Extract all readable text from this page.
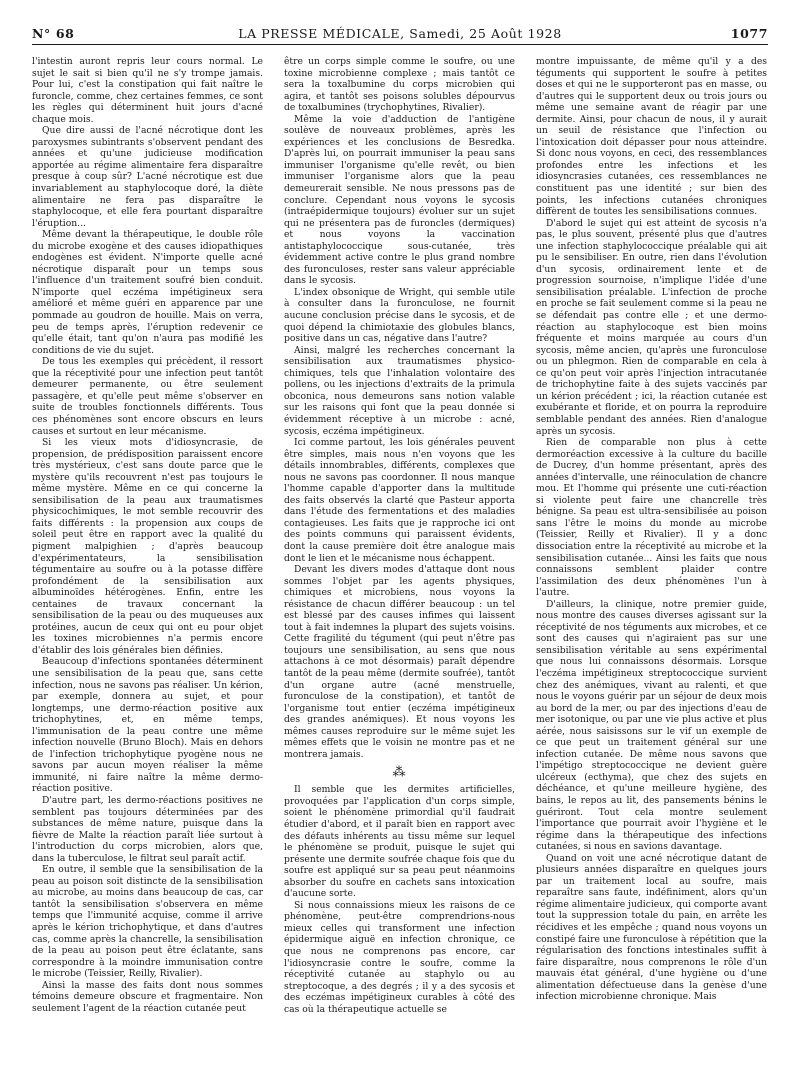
N° 68	LA PRESSE MÉDICALE, Samedi, 25 Août 1928	1077

l'intestin auront repris leur cours normal. Le sujet le sait si bien qu'il ne s'y trompe jamais. Pour lui, c'est la constipation qui fait naître le furoncle, comme, chez certaines femmes, ce sont les règles qui déterminent huit jours d'acné chaque mois.

Que dire aussi de l'acné nécrotique dont les paroxysmes subintrants s'observent pendant des années et qu'une judicieuse modification apportée au régime alimentaire fera disparaître presque à coup sûr? L'acné nécrotique est due invariablement au staphylocoque doré, la diète alimentaire ne fera pas disparaître le staphylocoque, et elle fera pourtant disparaître l'éruption...

Même devant la thérapeutique, le double rôle du microbe exogène et des causes idiopathiques endogènes est évident. N'importe quelle acné nécrotique disparaît pour un temps sous l'influence d'un traitement soufré bien conduit. N'importe quel eczéma impétigineux sera amélioré et même guéri en apparence par une pommade au goudron de houille. Mais on verra, peu de temps après, l'éruption redevenir ce qu'elle était, tant qu'on n'aura pas modifié les conditions de vie du sujet.

De tous les exemples qui précèdent, il ressort que la réceptivité pour une infection peut tantôt demeurer permanente, ou être seulement passagère, et qu'elle peut même s'observer en suite de troubles fonctionnels différents. Tous ces phénomènes sont encore obscurs en leurs causes et surtout en leur mécanisme.

Si les vieux mots d'idiosyncrasie, de propension, de prédisposition paraissent encore très mystérieux, c'est sans doute parce que le mystère qu'ils recouvrent n'est pas toujours le même mystère. Même en ce qui concerne la sensibilisation de la peau aux traumatismes physicochimiques, le mot semble recouvrir des faits différents : la propension aux coups de soleil peut être en rapport avec la qualité du pigment malpighien ; d'après beaucoup d'expérimentateurs, la sensibilisation tégumentaire au soufre ou à la potasse diffère profondément de la sensibilisation aux albuminoïdes hétérogènes. Enfin, entre les centaines de travaux concernant la sensibilisation de la peau ou des muqueuses aux protéines, aucun de ceux qui ont eu pour objet les toxines microbiennes n'a permis encore d'établir des lois générales bien définies.

Beaucoup d'infections spontanées déterminent une sensibilisation de la peau que, sans cette infection, nous ne savons pas réaliser. Un kérion, par exemple, donnera au sujet, et pour longtemps, une dermo-réaction positive aux trichophytines, et, en même temps, l'immunisation de la peau contre une même infection nouvelle (Bruno Bloch). Mais en dehors de l'infection trichophytique pyogène nous ne savons par aucun moyen réaliser la même immunité, ni faire naître la même dermo-réaction positive.

D'autre part, les dermo-réactions positives ne semblent pas toujours déterminées par des substances de même nature, puisque dans la fièvre de Malte la réaction paraît liée surtout à l'introduction du corps microbien, alors que, dans la tuberculose, le filtrat seul paraît actif.

En outre, il semble que la sensibilisation de la peau au poison soit distincte de la sensibilisation au microbe, au moins dans beaucoup de cas, car tantôt la sensibilisation s'observera en même temps que l'immunité acquise, comme il arrive après le kérion trichophytique, et dans d'autres cas, comme après la chancrelle, la sensibilisation de la peau au poison peut être éclatante, sans correspondre à la moindre immunisation contre le microbe (Teissier, Reilly, Rivalier).

Ainsi la masse des faits dont nous sommes témoins demeure obscure et fragmentaire. Non seulement l'agent de la réaction cutanée peut

être un corps simple comme le soufre, ou une toxine microbienne complexe ; mais tantôt ce sera la toxalbumine du corps microbien qui agira, et tantôt ses poisons solubles dépourvus de toxalbumines (trychophytines, Rivalier).

Même la voie d'adduction de l'antigène soulève de nouveaux problèmes, après les expériences et les conclusions de Besredka. D'après lui, on pourrait immuniser la peau sans immuniser l'organisme qu'elle revêt, ou bien immuniser l'organisme alors que la peau demeurerait sensible. Ne nous pressons pas de conclure. Cependant nous voyons le sycosis (intraépidermique toujours) évoluer sur un sujet qui ne présentera pas de furoncles (dermiques) et nous voyons la vaccination antistaphylococcique sous-cutanée, très évidemment active contre le plus grand nombre des furonculoses, rester sans valeur appréciable dans le sycosis.

L'index obsonique de Wright, qui semble utile à consulter dans la furonculose, ne fournit aucune conclusion précise dans le sycosis, et de quoi dépend la chimiotaxie des globules blancs, positive dans un cas, négative dans l'autre?

Ainsi, malgré les recherches concernant la sensibilisation aux traumatismes physico-chimiques, tels que l'inhalation volontaire des pollens, ou les injections d'extraits de la primula obconica, nous demeurons sans notion valable sur les raisons qui font que la peau donnée si évidemment réceptive à un microbe : acné, sycosis, eczéma impétigineux.

Ici comme partout, les lois générales peuvent être simples, mais nous n'en voyons que les détails innombrables, différents, complexes que nous ne savons pas coordonner. Il nous manque l'homme capable d'apporter dans la multitude des faits observés la clarté que Pasteur apporta dans l'étude des fermentations et des maladies contagieuses. Les faits que je rapproche ici ont des points communs qui paraissent évidents, dont la cause première doit être analogue mais dont le lien et le mécanisme nous échappent.

Devant les divers modes d'attaque dont nous sommes l'objet par les agents physiques, chimiques et microbiens, nous voyons la résistance de chacun différer beaucoup : un tel est blessé par des causes infimes qui laissent tout à fait indemnes la plupart des sujets voisins. Cette fragilité du tégument (qui peut n'être pas toujours une sensibilisation, au sens que nous attachons à ce mot désormais) paraît dépendre tantôt de la peau même (dermite soufrée), tantôt d'un organe autre (acné menstruelle, furonculose de la constipation), et tantôt de l'organisme tout entier (eczéma impétigineux des grandes anémiques). Et nous voyons les mêmes causes reproduire sur le même sujet les mêmes effets que le voisin ne montre pas et ne montrera jamais.

⁂

Il semble que les dermites artificielles, provoquées par l'application d'un corps simple, soient le phénomène primordial qu'il faudrait étudier d'abord, et il paraît bien en rapport avec des défauts inhérents au tissu même sur lequel le phénomène se produit, puisque le sujet qui présente une dermite soufrée chaque fois que du soufre est appliqué sur sa peau peut néanmoins absorber du soufre en cachets sans intoxication d'aucune sorte.

Si nous connaissions mieux les raisons de ce phénomène, peut-être comprendrions-nous mieux celles qui transforment une infection épidermique aiguë en infection chronique, ce que nous ne comprenons pas encore, car l'idiosyncrasie contre le soufre, comme la réceptivité cutanée au staphylo ou au streptocoque, a des degrés ; il y a des sycosis et des eczémas impétigineux curables à côté des cas où la thérapeutique actuelle se

montre impuissante, de même qu'il y a des téguments qui supportent le soufre à petites doses et qui ne le supporteront pas en masse, ou d'autres qui le supportent deux ou trois jours ou même une semaine avant de réagir par une dermite. Ainsi, pour chacun de nous, il y aurait un seuil de résistance que l'infection ou l'intoxication doit dépasser pour nous atteindre. Si donc nous voyons, en ceci, des ressemblances profondes entre les infections et les idiosyncrasies cutanées, ces ressemblances ne constituent pas une identité ; sur bien des points, les infections cutanées chroniques diffèrent de toutes les sensibilisations connues.

D'abord le sujet qui est atteint de sycosis n'a pas, le plus souvent, présenté plus que d'autres une infection staphylococcique préalable qui ait pu le sensibiliser. En outre, rien dans l'évolution d'un sycosis, ordinairement lente et de progression sournoise, n'implique l'idée d'une sensibilisation préalable. L'infection de proche en proche se fait seulement comme si la peau ne se défendait pas contre elle ; et une dermo-réaction au staphylocoque est bien moins fréquente et moins marquée au cours d'un sycosis, même ancien, qu'après une furonculose ou un phlegmon. Rien de comparable en cela à ce qu'on peut voir après l'injection intracutanée de trichophytine faite à des sujets vaccinés par un kérion précédent ; ici, la réaction cutanée est exubérante et floride, et on pourra la reproduire semblable pendant des années. Rien d'analogue après un sycosis.

Rien de comparable non plus à cette dermoréaction excessive à la culture du bacille de Ducrey, d'un homme présentant, après des années d'intervalle, une réinoculation de chancre mou. Et l'homme qui présente une cuti-réaction si violente peut faire une chancrelle très bénigne. Sa peau est ultra-sensibilisée au poison sans l'être le moins du monde au microbe (Teissier, Reilly et Rivalier). Il y a donc dissociation entre la réceptivité au microbe et la sensibilisation cutanée... Ainsi les faits que nous connaissons semblent plaider contre l'assimilation des deux phénomènes l'un à l'autre.

D'ailleurs, la clinique, notre premier guide, nous montre des causes diverses agissant sur la réceptivité de nos téguments aux microbes, et ce sont des causes qui n'agiraient pas sur une sensibilisation véritable au sens expérimental que nous lui connaissons désormais. Lorsque l'eczéma impétigineux streptococcique survient chez des anémiques, vivant au ralenti, et que nous le voyons guérir par un séjour de deux mois au bord de la mer, ou par des injections d'eau de mer isotonique, ou par une vie plus active et plus aérée, nous saisissons sur le vif un exemple de ce que peut un traitement général sur une infection cutanée. De même nous savons que l'impétigo streptococcique ne devient guère ulcéreux (ecthyma), que chez des sujets en déchéance, et qu'une meilleure hygiène, des bains, le repos au lit, des pansements bénins le guériront. Tout cela montre seulement l'importance que pourrait avoir l'hygiène et le régime dans la thérapeutique des infections cutanées, si nous en savions davantage.

Quand on voit une acné nécrotique datant de plusieurs années disparaître en quelques jours par un traitement local au soufre, mais reparaître sans faute, indéfiniment, alors qu'un régime alimentaire judicieux, qui comporte avant tout la suppression totale du pain, en arrête les récidives et les empêche ; quand nous voyons un constipé faire une furonculose à répétition que la régularisation des fonctions intestinales suffit à faire disparaître, nous comprenons le rôle d'un mauvais état général, d'une hygiène ou d'une alimentation défectueuse dans la genèse d'une infection microbienne chronique. Mais
